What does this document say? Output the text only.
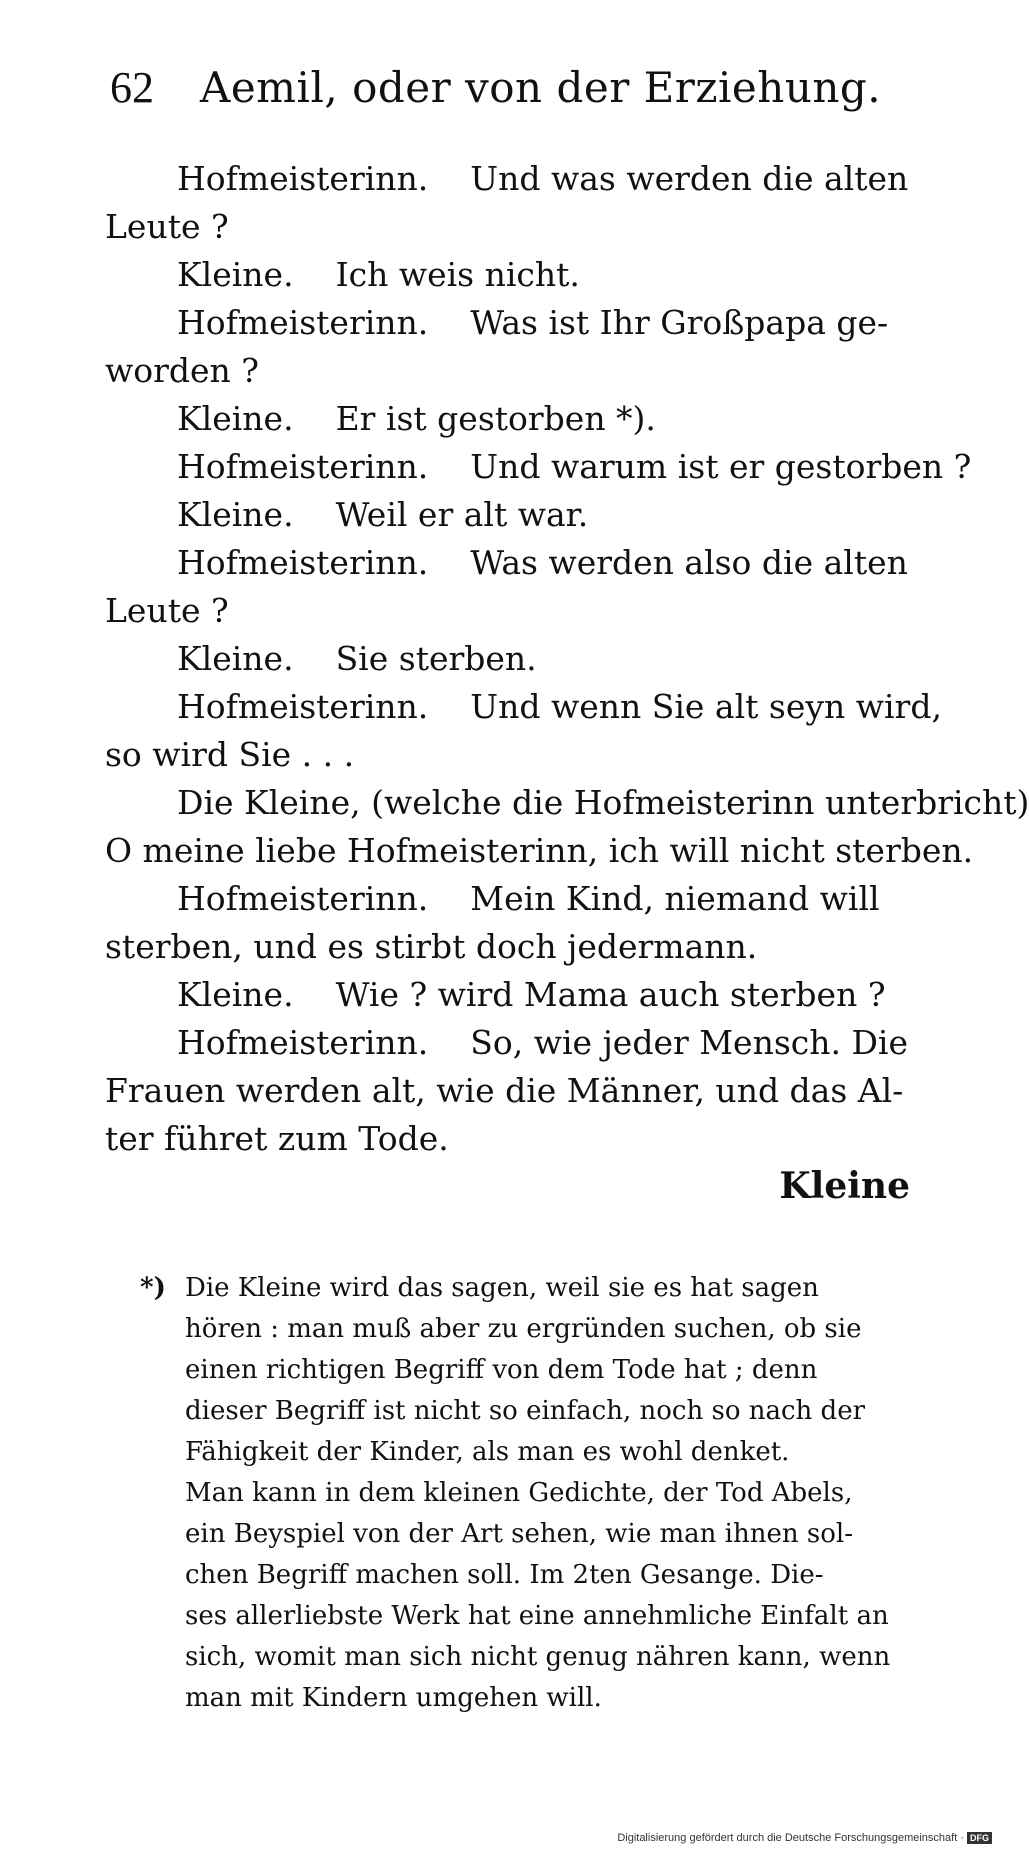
62 Aemil, oder von der Erziehung.
Hofmeisterinn. Und was werden die alten
Leute ?
Kleine. Ich weis nicht.
Hofmeisterinn. Was ist Ihr Großpapa ge-
worden ?
Kleine. Er ist gestorben *).
Hofmeisterinn. Und warum ist er gestorben ?
Kleine. Weil er alt war.
Hofmeisterinn. Was werden also die alten
Leute ?
Kleine. Sie sterben.
Hofmeisterinn. Und wenn Sie alt seyn wird,
so wird Sie . . .
Die Kleine, (welche die Hofmeisterinn unterbricht)
O meine liebe Hofmeisterinn, ich will nicht sterben.
Hofmeisterinn. Mein Kind, niemand will
sterben, und es stirbt doch jedermann.
Kleine. Wie ? wird Mama auch sterben ?
Hofmeisterinn. So, wie jeder Mensch. Die
Frauen werden alt, wie die Männer, und das Al-
ter führet zum Tode.
Kleine
*) Die Kleine wird das sagen, weil sie es hat sagen
hören : man muß aber zu ergründen suchen, ob sie
einen richtigen Begriff von dem Tode hat ; denn
dieser Begriff ist nicht so einfach, noch so nach der
Fähigkeit der Kinder, als man es wohl denket.
Man kann in dem kleinen Gedichte, der Tod Abels,
ein Beyspiel von der Art sehen, wie man ihnen sol-
chen Begriff machen soll. Im 2ten Gesange. Die-
ses allerliebste Werk hat eine annehmliche Einfalt an
sich, womit man sich nicht genug nähren kann, wenn
man mit Kindern umgehen will.
Digitalisierung gefördert durch die Deutsche Forschungsgemeinschaft · DFG
